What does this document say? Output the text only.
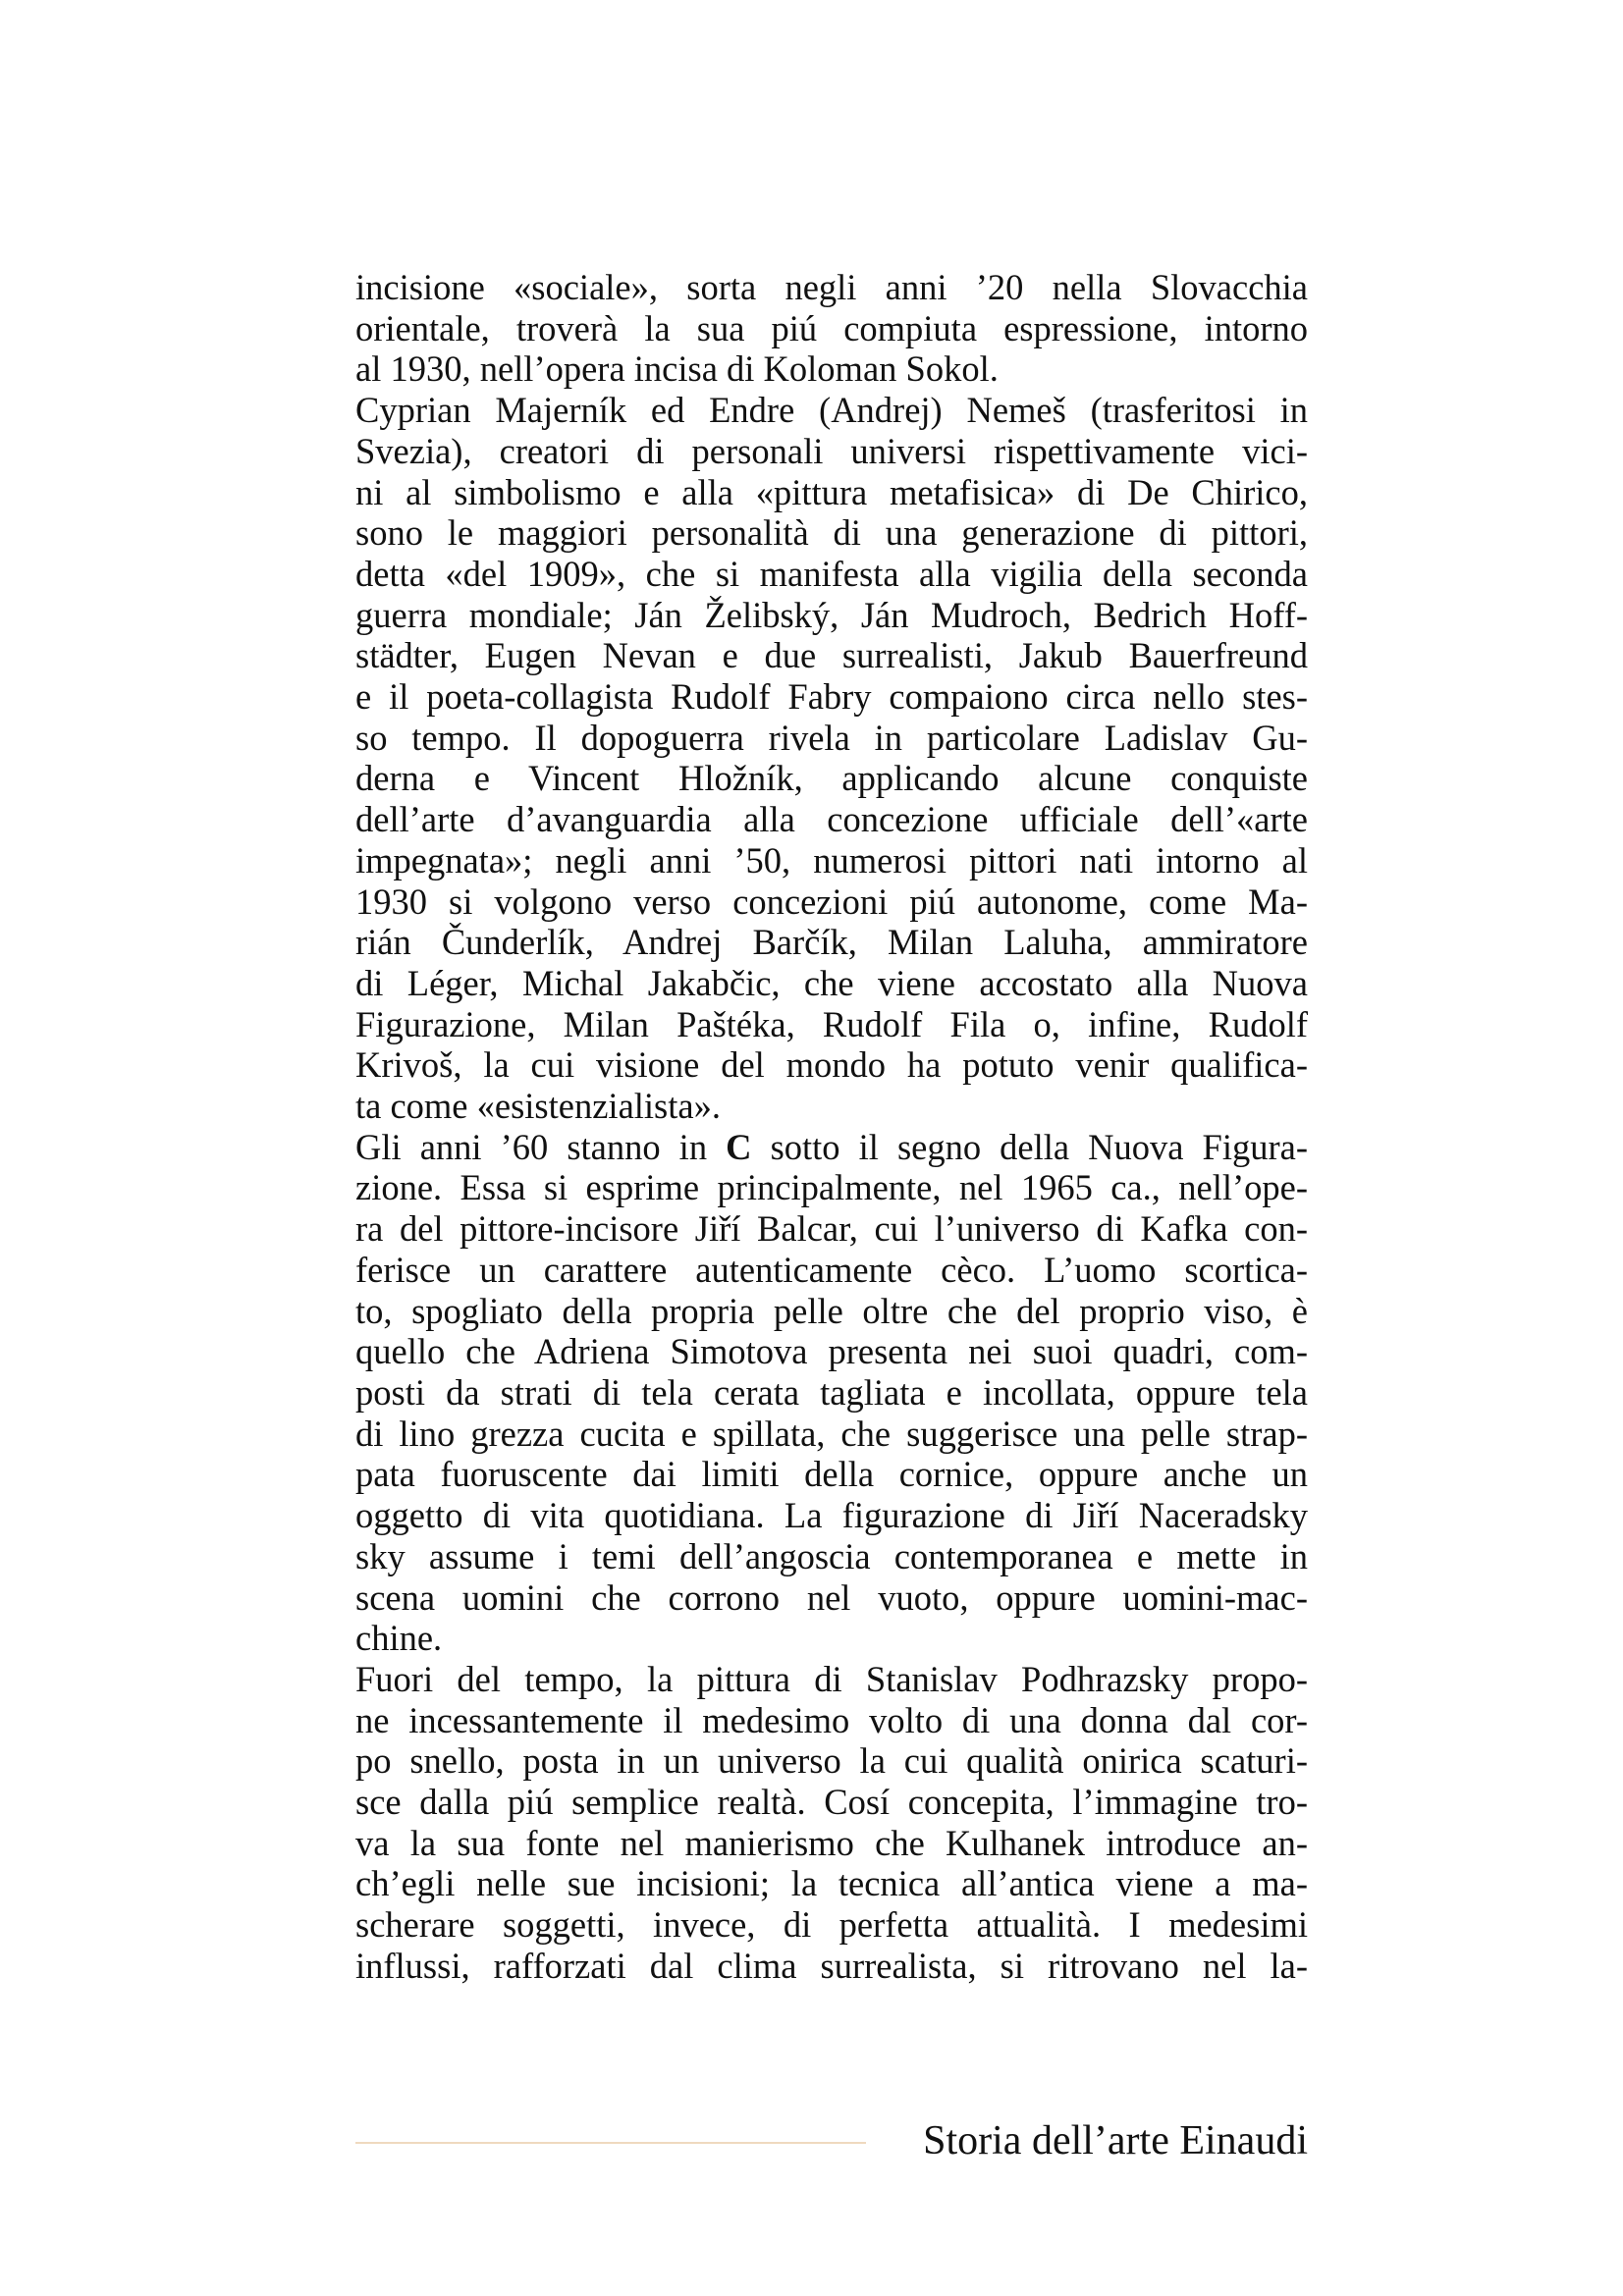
incisione «sociale», sorta negli anni ’20 nella Slovacchia
orientale, troverà la sua piú compiuta espressione, intorno
al 1930, nell’opera incisa di Koloman Sokol.
Cyprian Majerník ed Endre (Andrej) Nemeš (trasferitosi in
Svezia), creatori di personali universi rispettivamente vici-
ni al simbolismo e alla «pittura metafisica» di De Chirico,
sono le maggiori personalità di una generazione di pittori,
detta «del 1909», che si manifesta alla vigilia della seconda
guerra mondiale; Ján Želibský, Ján Mudroch, Bedrich Hoff-
städter, Eugen Nevan e due surrealisti, Jakub Bauerfreund
e il poeta-collagista Rudolf Fabry compaiono circa nello stes-
so tempo. Il dopoguerra rivela in particolare Ladislav Gu-
derna e Vincent Hložník, applicando alcune conquiste
dell’arte d’avanguardia alla concezione ufficiale dell’«arte
impegnata»; negli anni ’50, numerosi pittori nati intorno al
1930 si volgono verso concezioni piú autonome, come Ma-
rián Čunderlík, Andrej Barčík, Milan Laluha, ammiratore
di Léger, Michal Jakabčic, che viene accostato alla Nuova
Figurazione, Milan Paštéka, Rudolf Fila o, infine, Rudolf
Krivoš, la cui visione del mondo ha potuto venir qualifica-
ta come «esistenzialista».
Gli anni ’60 stanno in C sotto il segno della Nuova Figura-
zione. Essa si esprime principalmente, nel 1965 ca., nell’ope-
ra del pittore-incisore Jiří Balcar, cui l’universo di Kafka con-
ferisce un carattere autenticamente cèco. L’uomo scortica-
to, spogliato della propria pelle oltre che del proprio viso, è
quello che Adriena Simotova presenta nei suoi quadri, com-
posti da strati di tela cerata tagliata e incollata, oppure tela
di lino grezza cucita e spillata, che suggerisce una pelle strap-
pata fuoruscente dai limiti della cornice, oppure anche un
oggetto di vita quotidiana. La figurazione di Jiří Naceradsky
sky assume i temi dell’angoscia contemporanea e mette in
scena uomini che corrono nel vuoto, oppure uomini-mac-
chine.
Fuori del tempo, la pittura di Stanislav Podhrazsky propo-
ne incessantemente il medesimo volto di una donna dal cor-
po snello, posta in un universo la cui qualità onirica scaturi-
sce dalla piú semplice realtà. Cosí concepita, l’immagine tro-
va la sua fonte nel manierismo che Kulhanek introduce an-
ch’egli nelle sue incisioni; la tecnica all’antica viene a ma-
scherare soggetti, invece, di perfetta attualità. I medesimi
influssi, rafforzati dal clima surrealista, si ritrovano nel la-
Storia dell’arte Einaudi
